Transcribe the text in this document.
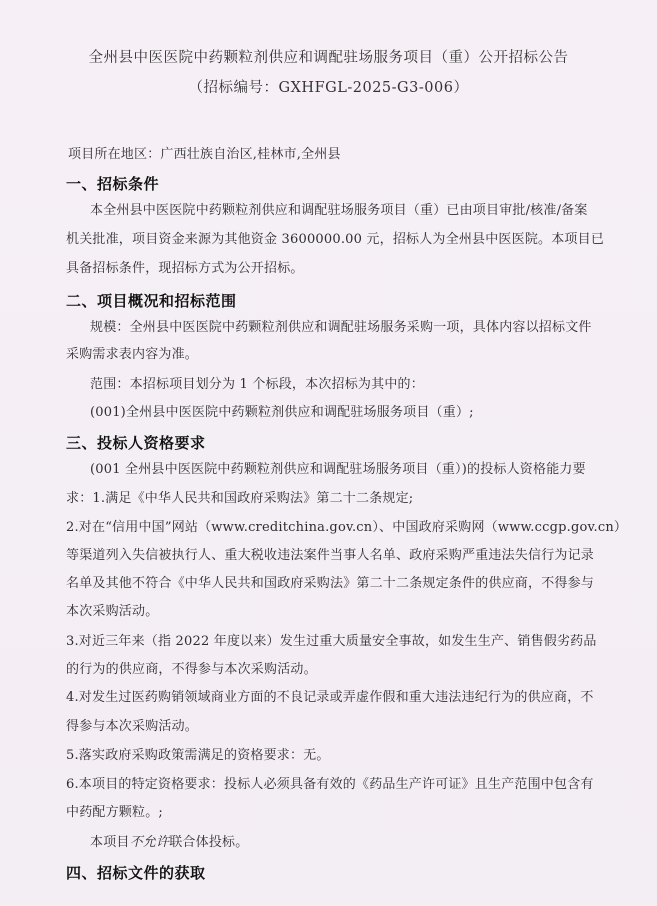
全州县中医医院中药颗粒剂供应和调配驻场服务项目（重）公开招标公告
（招标编号：GXHFGL-2025-G3-006）
项目所在地区：广西壮族自治区,桂林市,全州县
一、招标条件
本全州县中医医院中药颗粒剂供应和调配驻场服务项目（重）已由项目审批/核准/备案
机关批准，项目资金来源为其他资金 3600000.00 元，招标人为全州县中医医院。本项目已
具备招标条件，现招标方式为公开招标。
二、项目概况和招标范围
规模：全州县中医医院中药颗粒剂供应和调配驻场服务采购一项，具体内容以招标文件
采购需求表内容为准。
范围：本招标项目划分为 1 个标段，本次招标为其中的：
(001)全州县中医医院中药颗粒剂供应和调配驻场服务项目（重）;
三、投标人资格要求
(001 全州县中医医院中药颗粒剂供应和调配驻场服务项目（重）)的投标人资格能力要
求：1.满足《中华人民共和国政府采购法》第二十二条规定;
2.对在“信用中国”网站（www.creditchina.gov.cn）、中国政府采购网（www.ccgp.gov.cn）
等渠道列入失信被执行人、重大税收违法案件当事人名单、政府采购严重违法失信行为记录
名单及其他不符合《中华人民共和国政府采购法》第二十二条规定条件的供应商，不得参与
本次采购活动。
3.对近三年来（指 2022 年度以来）发生过重大质量安全事故，如发生生产、销售假劣药品
的行为的供应商，不得参与本次采购活动。
4.对发生过医药购销领域商业方面的不良记录或弄虚作假和重大违法违纪行为的供应商，不
得参与本次采购活动。
5.落实政府采购政策需满足的资格要求：无。
6.本项目的特定资格要求：投标人必须具备有效的《药品生产许可证》且生产范围中包含有
中药配方颗粒。;
本项目不允许联合体投标。
四、招标文件的获取
